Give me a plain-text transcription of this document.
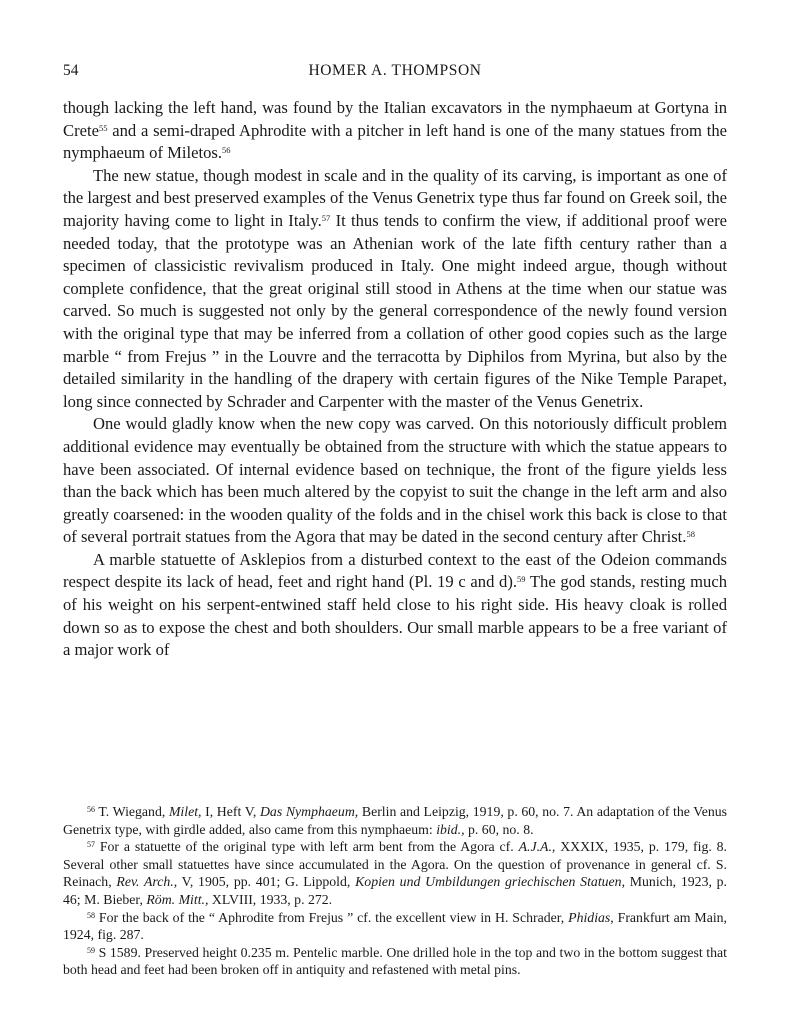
54	HOMER A. THOMPSON

though lacking the left hand, was found by the Italian excavators in the nymphaeum at Gortyna in Crete$^{55}$ and a semi-draped Aphrodite with a pitcher in left hand is one of the many statues from the nymphaeum of Miletos.$^{56}$

The new statue, though modest in scale and in the quality of its carving, is important as one of the largest and best preserved examples of the Venus Genetrix type thus far found on Greek soil, the majority having come to light in Italy.$^{57}$ It thus tends to confirm the view, if additional proof were needed today, that the prototype was an Athenian work of the late fifth century rather than a specimen of classicistic revivalism produced in Italy. One might indeed argue, though without complete confidence, that the great original still stood in Athens at the time when our statue was carved. So much is suggested not only by the general correspondence of the newly found version with the original type that may be inferred from a collation of other good copies such as the large marble “ from Frejus ” in the Louvre and the terracotta by Diphilos from Myrina, but also by the detailed similarity in the handling of the drapery with certain figures of the Nike Temple Parapet, long since connected by Schrader and Carpenter with the master of the Venus Genetrix.

One would gladly know when the new copy was carved. On this notoriously difficult problem additional evidence may eventually be obtained from the structure with which the statue appears to have been associated. Of internal evidence based on technique, the front of the figure yields less than the back which has been much altered by the copyist to suit the change in the left arm and also greatly coarsened: in the wooden quality of the folds and in the chisel work this back is close to that of several portrait statues from the Agora that may be dated in the second century after Christ.$^{58}$

A marble statuette of Asklepios from a disturbed context to the east of the Odeion commands respect despite its lack of head, feet and right hand (Pl. 19 c and d).$^{59}$ The god stands, resting much of his weight on his serpent-entwined staff held close to his right side. His heavy cloak is rolled down so as to expose the chest and both shoulders. Our small marble appears to be a free variant of a major work of

$^{56}$ T. Wiegand, Milet, I, Heft V, Das Nymphaeum, Berlin and Leipzig, 1919, p. 60, no. 7. An adaptation of the Venus Genetrix type, with girdle added, also came from this nymphaeum: ibid., p. 60, no. 8.

$^{57}$ For a statuette of the original type with left arm bent from the Agora cf. A.J.A., XXXIX, 1935, p. 179, fig. 8. Several other small statuettes have since accumulated in the Agora. On the question of provenance in general cf. S. Reinach, Rev. Arch., V, 1905, pp. 401; G. Lippold, Kopien und Umbildungen griechischen Statuen, Munich, 1923, p. 46; M. Bieber, Röm. Mitt., XLVIII, 1933, p. 272.

$^{58}$ For the back of the “ Aphrodite from Frejus ” cf. the excellent view in H. Schrader, Phidias, Frankfurt am Main, 1924, fig. 287.

$^{59}$ S 1589. Preserved height 0.235 m. Pentelic marble. One drilled hole in the top and two in the bottom suggest that both head and feet had been broken off in antiquity and refastened with metal pins.
